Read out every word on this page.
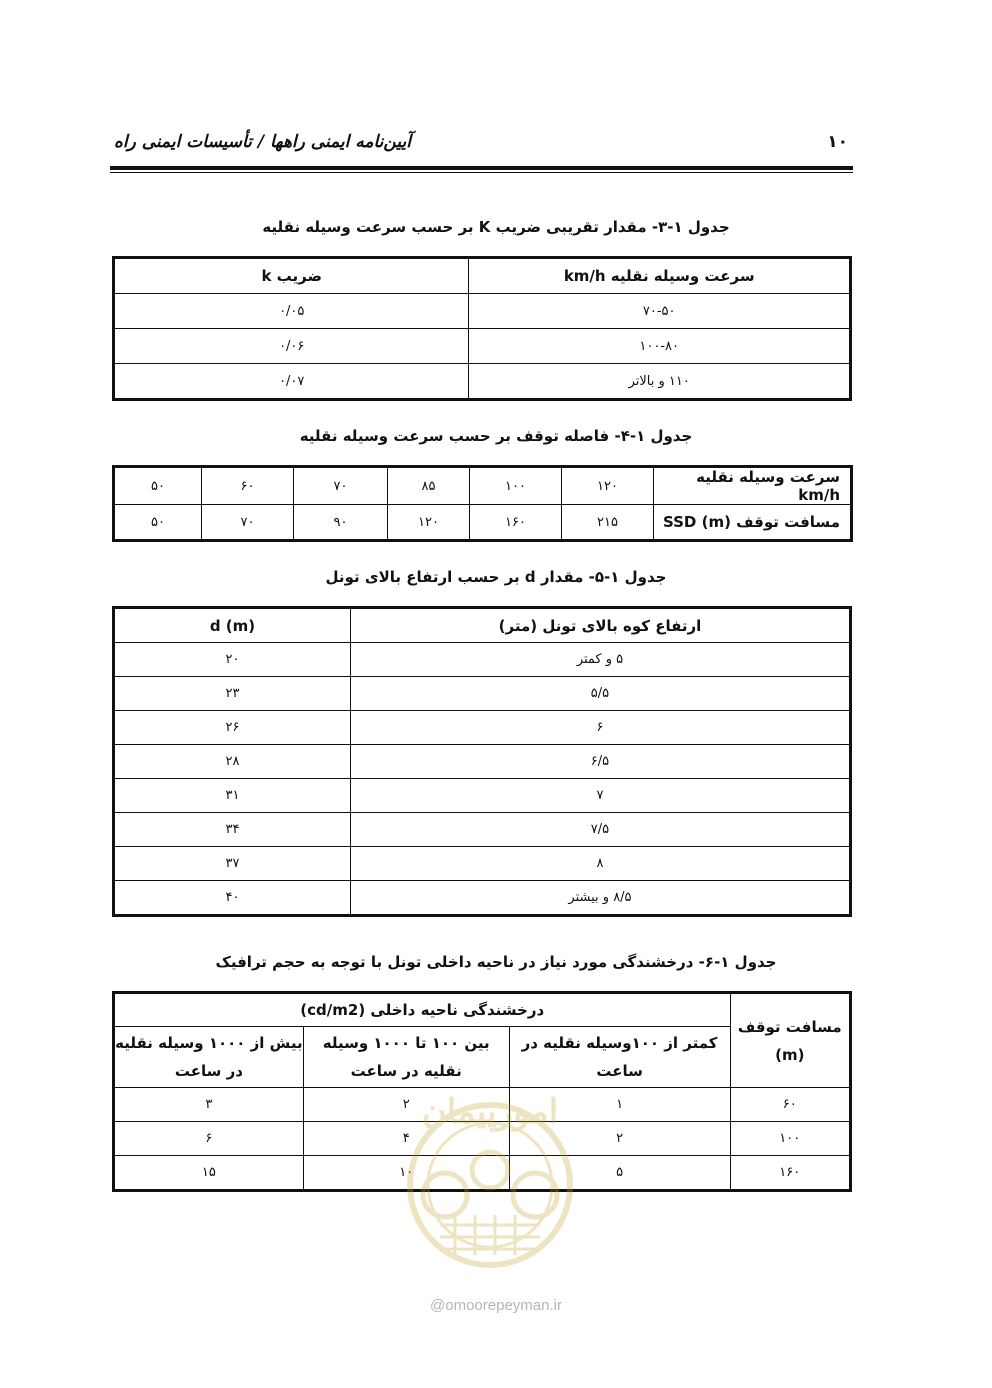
۱۰
آیین‌نامه ایمنی راهها / تأسیسات ایمنی راه
جدول ۱-۳- مقدار تقریبی ضریب K بر حسب سرعت وسیله نقلیه
سرعت وسیله نقلیه km/h	ضریب k
۷۰-۵۰	۰/۰۵
۱۰۰-۸۰	۰/۰۶
۱۱۰ و بالاتر	۰/۰۷
جدول ۱-۴- فاصله توقف بر حسب سرعت وسیله نقلیه
سرعت وسیله نقلیه km/h	۱۲۰	۱۰۰	۸۵	۷۰	۶۰	۵۰
مسافت توقف SSD (m)	۲۱۵	۱۶۰	۱۲۰	۹۰	۷۰	۵۰
جدول ۱-۵- مقدار d بر حسب ارتفاع بالای تونل
ارتفاع کوه بالای تونل (متر)	d (m)
۵ و کمتر	۲۰
۵/۵	۲۳
۶	۲۶
۶/۵	۲۸
۷	۳۱
۷/۵	۳۴
۸	۳۷
۸/۵ و بیشتر	۴۰
جدول ۱-۶- درخشندگی مورد نیاز در ناحیه داخلی تونل با توجه به حجم ترافیک
مسافت توقف (m)	درخشندگی ناحیه داخلی (cd/m2)		
	کمتر از ۱۰۰وسیله نقلیه در ساعت	بین ۱۰۰ تا ۱۰۰۰ وسیله نقلیه در ساعت	بیش از ۱۰۰۰ وسیله نقلیه در ساعت
۶۰	۱	۲	۳
۱۰۰	۲	۴	۶
۱۶۰	۵	۱۰	۱۵
امورپیمان
@omoorepeyman.ir
